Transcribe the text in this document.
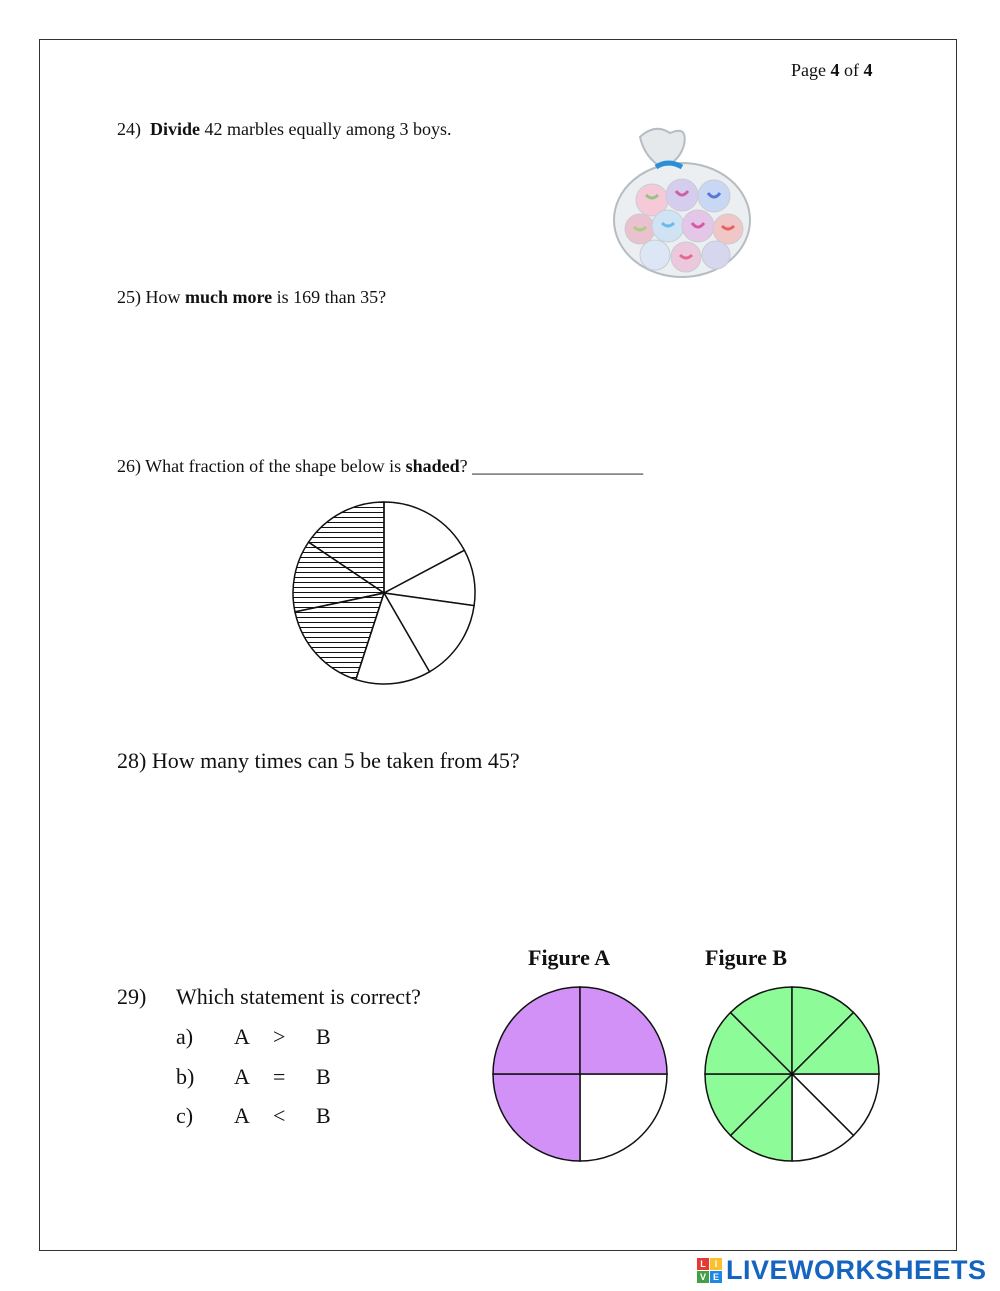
Page 4 of 4
24) Divide 42 marbles equally among 3 boys.
25) How much more is 169 than 35?
26) What fraction of the shape below is shaded? ___________________
28) How many times can 5 be taken from 45?
29) Which statement is correct?
a) A > B
b) A = B
c) A < B
Figure A	Figure B
L I
V E LIVEWORKSHEETS
